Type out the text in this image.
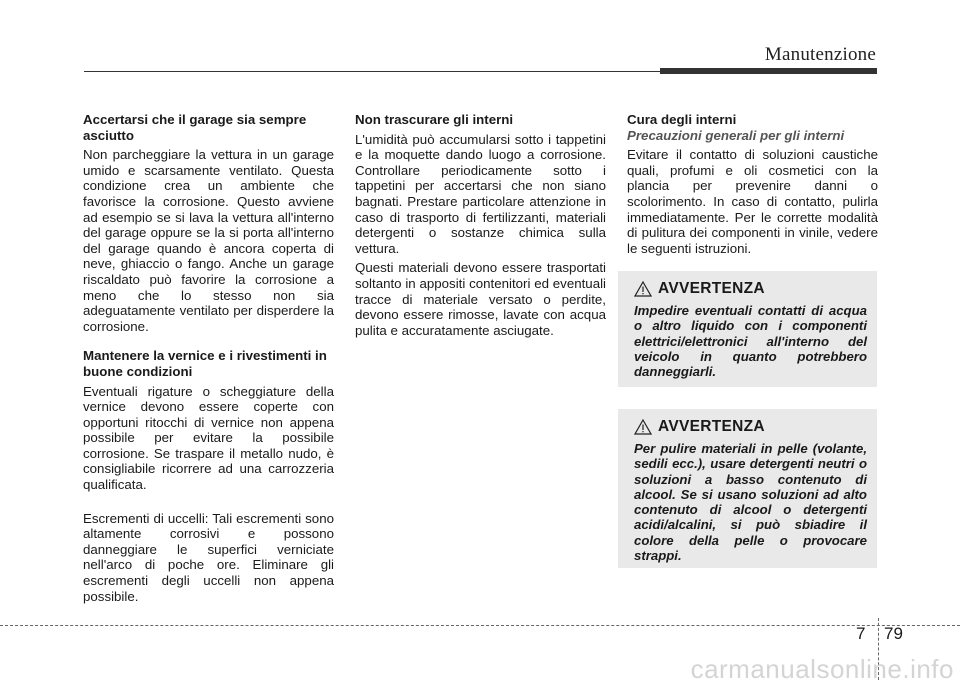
Manutenzione
Accertarsi che il garage sia sempre asciutto

Non parcheggiare la vettura in un garage umido e scarsamente ventilato. Questa condizione crea un ambiente che favorisce la corrosione. Questo avviene ad esempio se si lava la vettura all'interno del garage oppure se la si porta all'interno del garage quando è ancora coperta di neve, ghiaccio o fango. Anche un garage riscaldato può favorire la corrosione a meno che lo stesso non sia adeguatamente ventilato per disperdere la corrosione.

Mantenere la vernice e i rivestimenti in buone condizioni

Eventuali rigature o scheggiature della vernice devono essere coperte con opportuni ritocchi di vernice non appena possibile per evitare la possibile corrosione. Se traspare il metallo nudo, è consigliabile ricorrere ad una carrozzeria qualificata.

Escrementi di uccelli: Tali escrementi sono altamente corrosivi e possono danneggiare le superfici verniciate nell'arco di poche ore. Eliminare gli escrementi degli uccelli non appena possibile.

Non trascurare gli interni

L'umidità può accumularsi sotto i tappetini e la moquette dando luogo a corrosione. Controllare periodicamente sotto i tappetini per accertarsi che non siano bagnati. Prestare particolare attenzione in caso di trasporto di fertilizzanti, materiali detergenti o sostanze chimica sulla vettura.

Questi materiali devono essere trasportati soltanto in appositi contenitori ed eventuali tracce di materiale versato o perdite, devono essere rimosse, lavate con acqua pulita e accuratamente asciugate.

Cura degli interni
Precauzioni generali per gli interni

Evitare il contatto di soluzioni caustiche quali, profumi e oli cosmetici con la plancia per prevenire danni o scolorimento. In caso di contatto, pulirla immediatamente. Per le corrette modalità di pulitura dei componenti in vinile, vedere le seguenti istruzioni.

AVVERTENZA

Impedire eventuali contatti di acqua o altro liquido con i componenti elettrici/elettronici all'interno del veicolo in quanto potrebbero danneggiarli.

AVVERTENZA

Per pulire materiali in pelle (volante, sedili ecc.), usare detergenti neutri o soluzioni a basso contenuto di alcool. Se si usano soluzioni ad alto contenuto di alcool o detergenti acidi/alcalini, si può sbiadire il colore della pelle o provocare strappi.

7 79
carmanualsonline.info
